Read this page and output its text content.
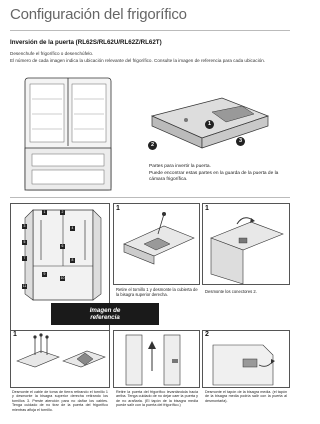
Configuración del frigorífico
Inversión de la puerta (RL62S/RL62U/RL62Z/RL62T)
Desenchufe el frigorífico o desenchúfelo.
El número de cada imagen indica la ubicación relevante del frigorífico. Consulte la imagen de referencia para cada ubicación.
1
2
3
Partes para invertir la puerta.
Puede encontrar estas partes en la guarda de la puerta de la cámara frigorífica.
1	2
3	4
5
6
7	8
9
10
11
Imagen de
referencia
1
Retire el tornillo 1 y desmonte la cubierta de la bisagra superior derecha.
1
Desmonte los conectores 2.
1
Desmonte el cable de toma de tierra retirando el tornillo 1 y desmonte la bisagra superior derecha retirando los tornillos 3. Preste atención para no dañar los cables. Tenga cuidado de no tirar de la puerta del frigorífico mientras afloja el tornillo.
Retire la puerta del frigorífico levantándola hacia arriba. Tenga cuidado de no dejar caer la puerta y de no arañarla. (El tapón de la bisagra media puede salir con la puerta del frigorífico.)
2
Desmonte el tapón de la bisagra media. (el tapón de la bisagra media podría salir con la puerta al desmontarla).
